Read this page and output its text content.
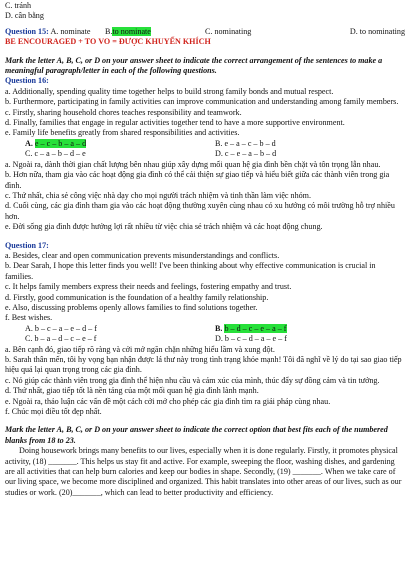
C. tránh
D. cân bằng
Question 15: A. nominate	B.to nominate	C. nominating	D. to nominating
BE ENCOURAGED + TO VO = ĐƯỢC KHUYẾN KHÍCH
Mark the letter A, B, C, or D on your answer sheet to indicate the correct arrangement of the sentences to make a meaningful paragraph/letter in each of the following questions.
Question 16:
a. Additionally, spending quality time together helps to build strong family bonds and mutual respect.
b. Furthermore, participating in family activities can improve communication and understanding among family members.
c. Firstly, sharing household chores teaches responsibility and teamwork.
d. Finally, families that engage in regular activities together tend to have a more supportive environment.
e. Family life benefits greatly from shared responsibilities and activities.
A. e – c – b – a – d	B. e – a – c – b – d
C. c – a – b – d – e	D. c – e – a – b – d
a. Ngoài ra, dành thời gian chất lượng bên nhau giúp xây dựng mối quan hệ gia đình bền chặt và tôn trọng lẫn nhau.
b. Hơn nữa, tham gia vào các hoạt động gia đình có thể cải thiện sự giao tiếp và hiểu biết giữa các thành viên trong gia đình.
c. Thứ nhất, chia sẻ công việc nhà dạy cho mọi người trách nhiệm và tinh thần làm việc nhóm.
d. Cuối cùng, các gia đình tham gia vào các hoạt động thường xuyên cùng nhau có xu hướng có môi trường hỗ trợ nhiều hơn.
e. Đời sống gia đình được hưởng lợi rất nhiều từ việc chia sẻ trách nhiệm và các hoạt động chung.
Question 17:
a. Besides, clear and open communication prevents misunderstandings and conflicts.
b. Dear Sarah, I hope this letter finds you well! I've been thinking about why effective communication is crucial in families.
c. It helps family members express their needs and feelings, fostering empathy and trust.
d. Firstly, good communication is the foundation of a healthy family relationship.
e. Also, discussing problems openly allows families to find solutions together.
f. Best wishes.
A. b – c – a – e – d – f	B. b – d – c – e – a – f
C. b – a – d – c – e – f	D. b – c – d – a – e – f
a. Bên cạnh đó, giao tiếp rõ ràng và cởi mở ngăn chặn những hiểu lầm và xung đột.
b. Sarah thân mến, tôi hy vọng bạn nhận được lá thư này trong tình trạng khỏe mạnh! Tôi đã nghĩ về lý do tại sao giao tiếp hiệu quả lại quan trọng trong các gia đình.
c. Nó giúp các thành viên trong gia đình thể hiện nhu cầu và cảm xúc của mình, thúc đẩy sự đồng cảm và tin tưởng.
d. Thứ nhất, giao tiếp tốt là nền tảng của một mối quan hệ gia đình lành mạnh.
e. Ngoài ra, thảo luận các vấn đề một cách cởi mở cho phép các gia đình tìm ra giải pháp cùng nhau.
f. Chúc mọi điều tốt đẹp nhất.
Mark the letter A, B, C, or D on your answer sheet to indicate the correct option that best fits each of the numbered blanks from 18 to 23.
Doing housework brings many benefits to our lives, especially when it is done regularly. Firstly, it promotes physical activity, (18) _______. This helps us stay fit and active. For example, sweeping the floor, washing dishes, and gardening are all activities that can help burn calories and keep our bodies in shape. Secondly, (19) _______. When we take care of our living space, we become more disciplined and organized. This habit translates into other areas of our lives, such as our studies or work. (20)_______, which can lead to better productivity and efficiency.
